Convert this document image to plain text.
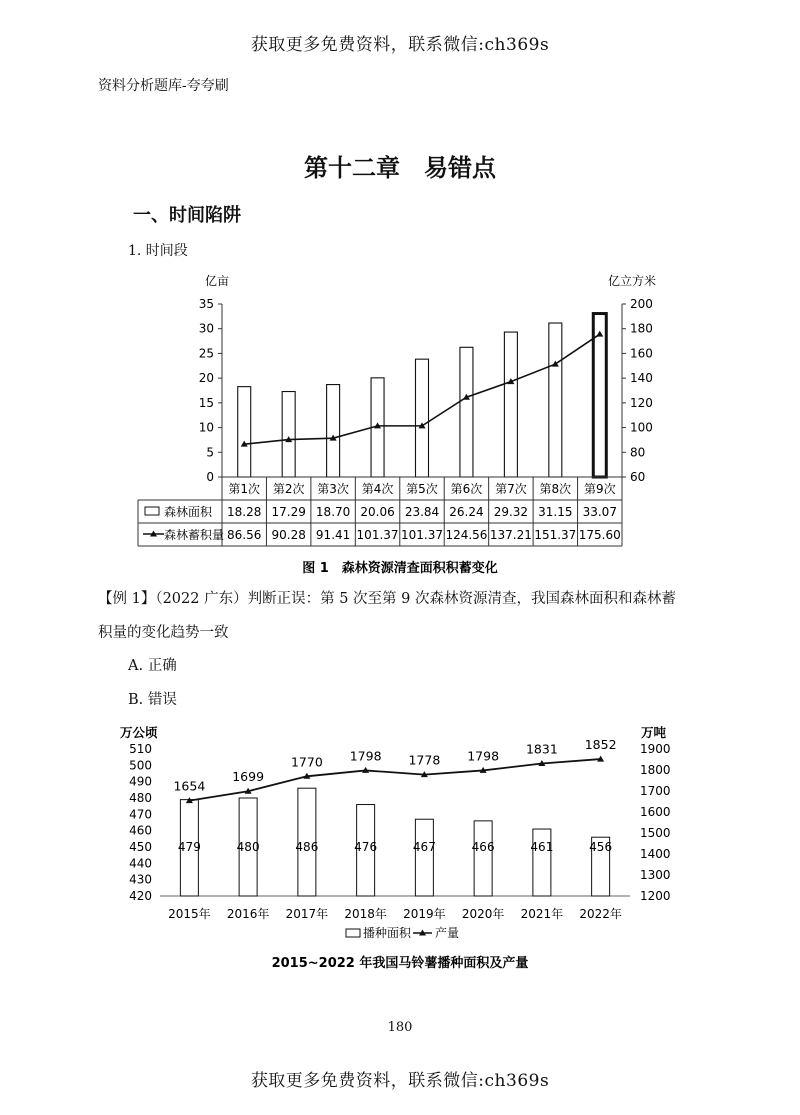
获取更多免费资料，联系微信:ch369s
资料分析题库-夸夸刷
第十二章　易错点
一、时间陷阱
1. 时间段
亿亩	亿立方米
0
5
10
15
20
25
30
35
60
80
100
120
140
160
180
200
第1次
18.28
86.56
第2次
17.29
90.28
第3次
18.70
91.41
第4次
20.06
101.37
第5次
23.84
101.37
第6次
26.24
124.56
第7次
29.32
137.21
第8次
31.15
151.37
第9次
33.07
175.60
森林面积
森林蓄积量
图 1　森林资源清查面积积蓄变化
【例 1】（2022 广东）判断正误：第 5 次至第 9 次森林资源清查，我国森林面积和森林蓄
积量的变化趋势一致
A. 正确
B. 错误
万公顷	万吨
420
430
440
450
460
470
480
490
500
510
1200
1300
1400
1500
1600
1700
1800
1900
479
2015年
480
2016年
486
2017年
476
2018年
467
2019年
466
2020年
461
2021年
456
2022年
1654
1699
1770 1798 1778 1798 1831 1852
播种面积 产量
2015~2022 年我国马铃薯播种面积及产量
180
获取更多免费资料，联系微信:ch369s
